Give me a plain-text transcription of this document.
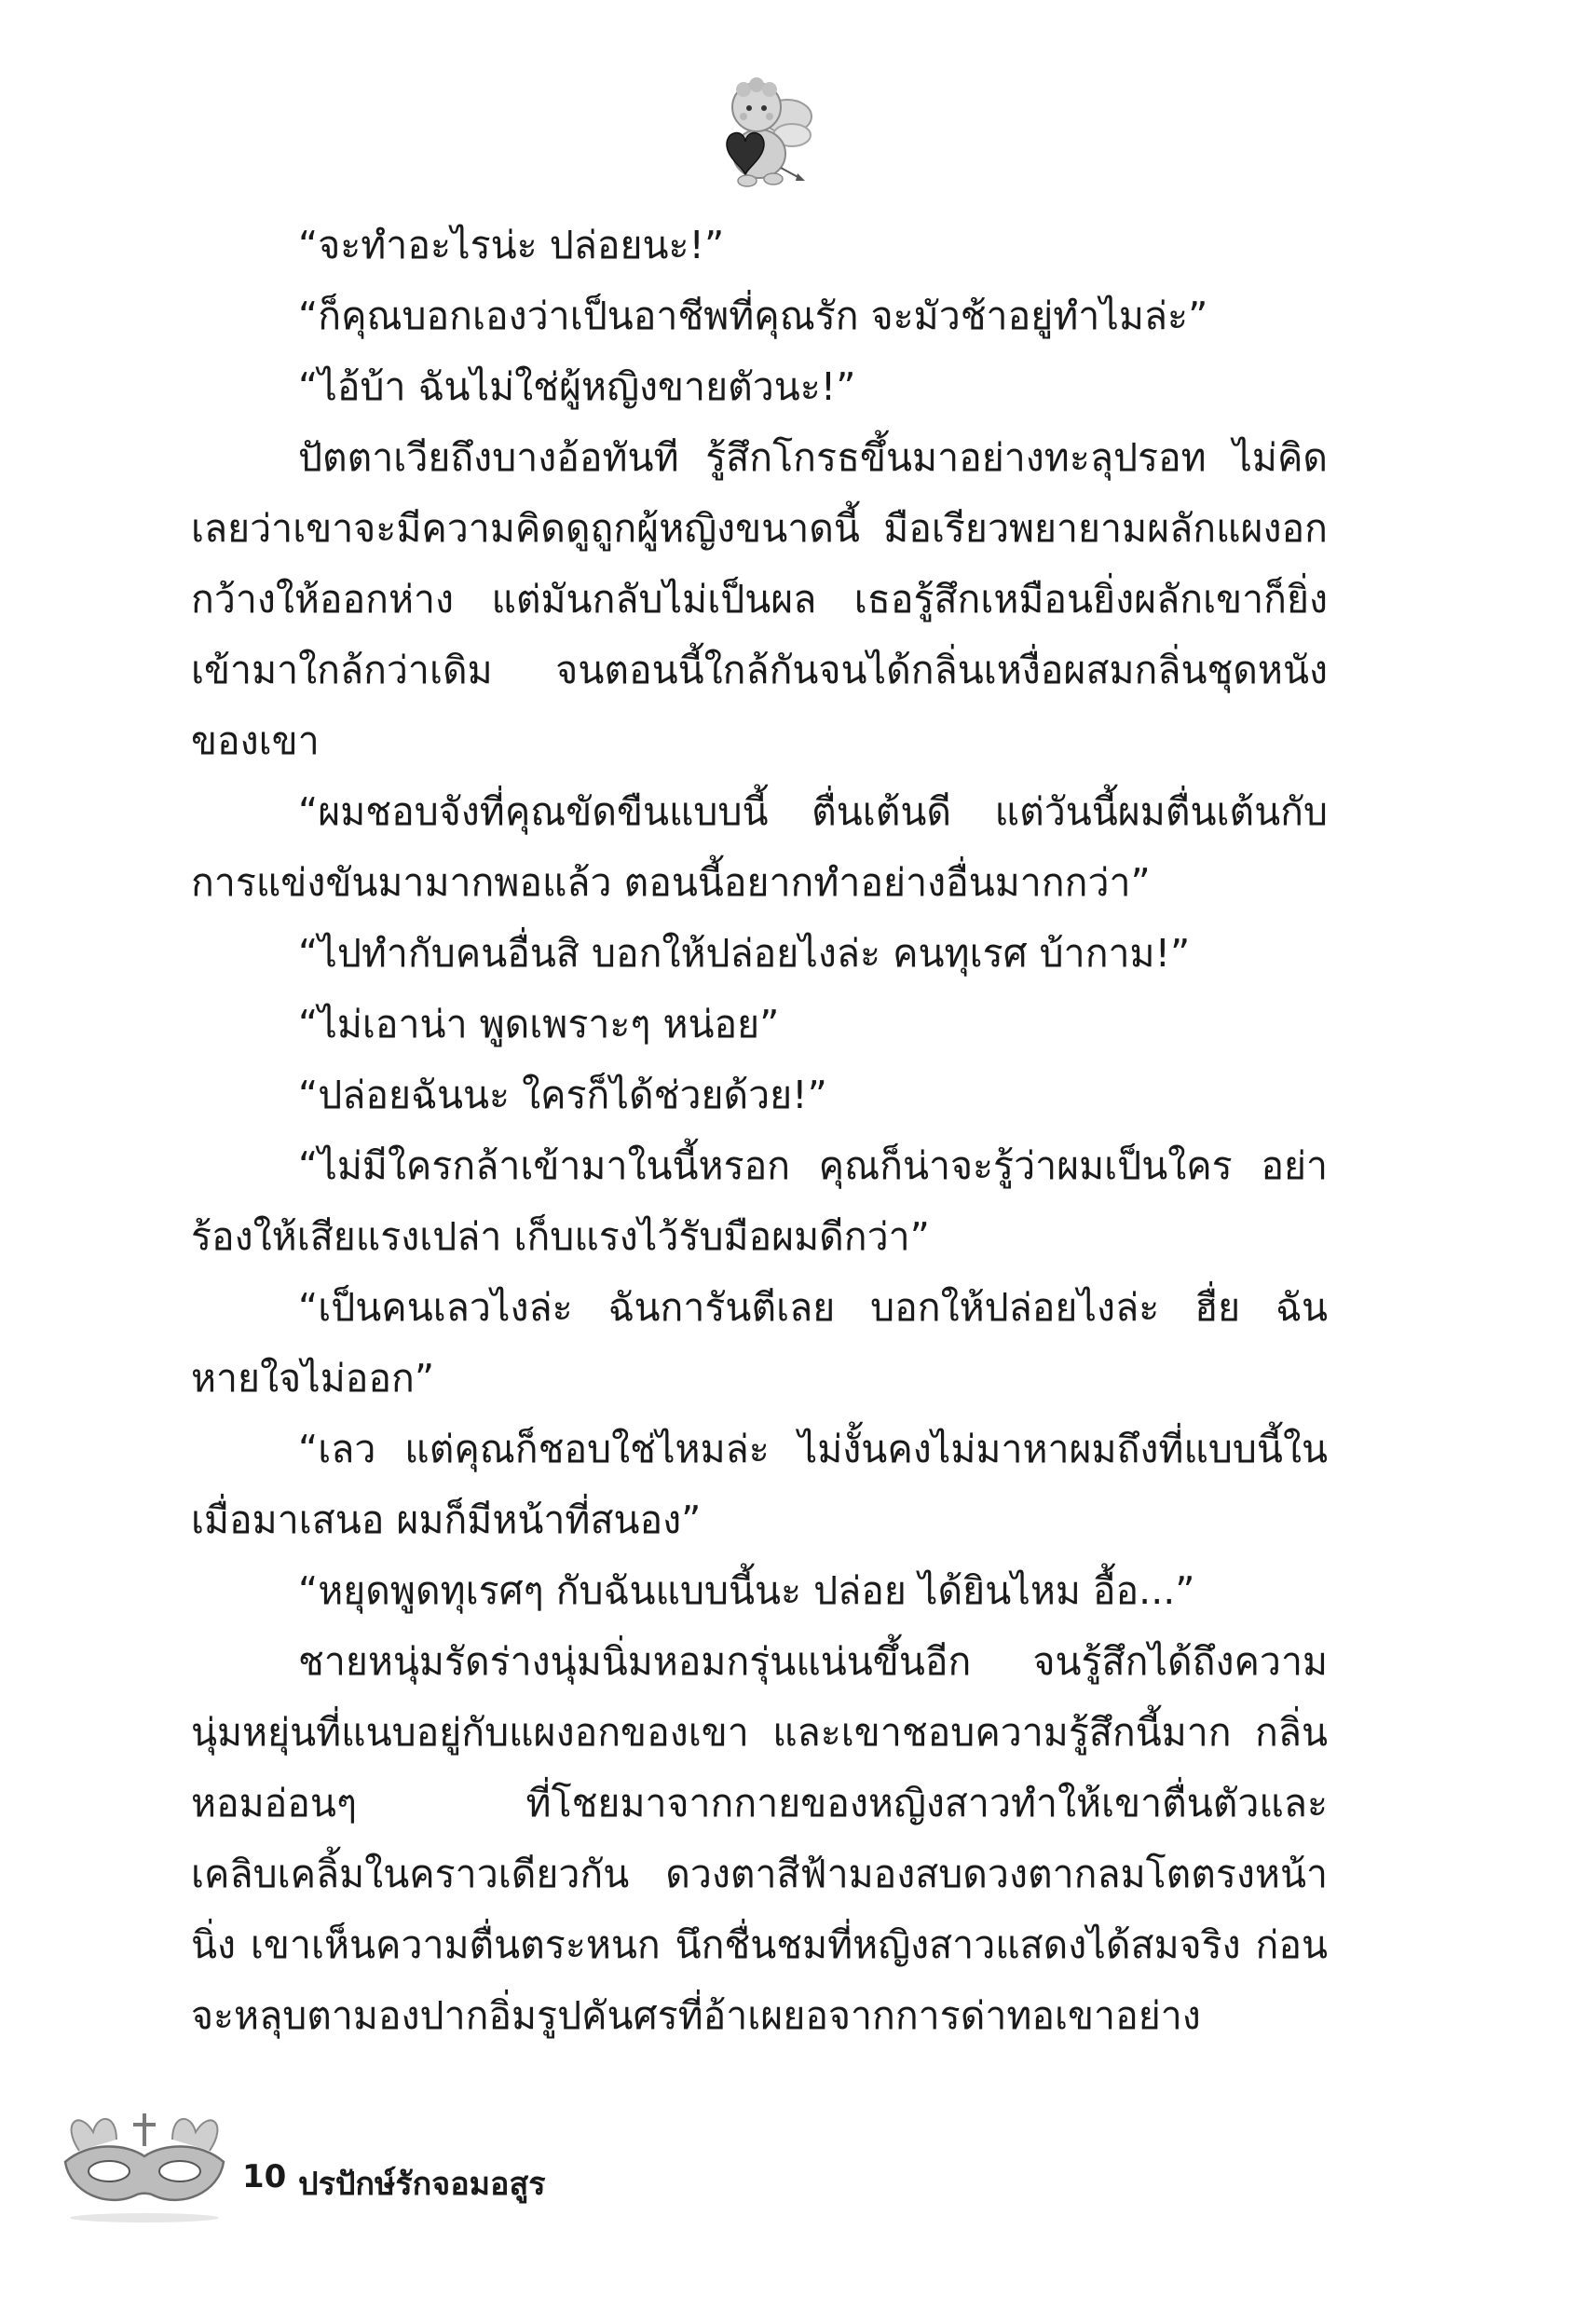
“จะทำอะไรน่ะ ปล่อยนะ!”

“ก็คุณบอกเองว่าเป็นอาชีพที่คุณรัก จะมัวช้าอยู่ทำไมล่ะ”

“ไอ้บ้า ฉันไม่ใช่ผู้หญิงขายตัวนะ!”

ปัตตาเวียถึงบางอ้อทันที รู้สึกโกรธขึ้นมาอย่างทะลุปรอท ไม่คิดเลยว่าเขาจะมีความคิดดูถูกผู้หญิงขนาดนี้ มือเรียวพยายามผลักแผงอกกว้างให้ออกห่าง แต่มันกลับไม่เป็นผล เธอรู้สึกเหมือนยิ่งผลักเขาก็ยิ่งเข้ามาใกล้กว่าเดิม จนตอนนี้ใกล้กันจนได้กลิ่นเหงื่อผสมกลิ่นชุดหนังของเขา

“ผมชอบจังที่คุณขัดขืนแบบนี้ ตื่นเต้นดี แต่วันนี้ผมตื่นเต้นกับการแข่งขันมามากพอแล้ว ตอนนี้อยากทำอย่างอื่นมากกว่า”

“ไปทำกับคนอื่นสิ บอกให้ปล่อยไงล่ะ คนทุเรศ บ้ากาม!”

“ไม่เอาน่า พูดเพราะๆ หน่อย”

“ปล่อยฉันนะ ใครก็ได้ช่วยด้วย!”

“ไม่มีใครกล้าเข้ามาในนี้หรอก คุณก็น่าจะรู้ว่าผมเป็นใคร อย่าร้องให้เสียแรงเปล่า เก็บแรงไว้รับมือผมดีกว่า”

“เป็นคนเลวไงล่ะ ฉันการันตีเลย บอกให้ปล่อยไงล่ะ ฮื่ย ฉันหายใจไม่ออก”

“เลว แต่คุณก็ชอบใช่ไหมล่ะ ไม่งั้นคงไม่มาหาผมถึงที่แบบนี้ในเมื่อมาเสนอ ผมก็มีหน้าที่สนอง”

“หยุดพูดทุเรศๆ กับฉันแบบนี้นะ ปล่อย ได้ยินไหม อื้อ...”

ชายหนุ่มรัดร่างนุ่มนิ่มหอมกรุ่นแน่นขึ้นอีก จนรู้สึกได้ถึงความนุ่มหยุ่นที่แนบอยู่กับแผงอกของเขา และเขาชอบความรู้สึกนี้มาก กลิ่นหอมอ่อนๆ ที่โชยมาจากกายของหญิงสาวทำให้เขาตื่นตัวและเคลิบเคลิ้มในคราวเดียวกัน ดวงตาสีฟ้ามองสบดวงตากลมโตตรงหน้านิ่ง เขาเห็นความตื่นตระหนก นึกชื่นชมที่หญิงสาวแสดงได้สมจริง ก่อนจะหลุบตามองปากอิ่มรูปคันศรที่อ้าเผยอจากการด่าทอเขาอย่าง

10 ปรปักษ์รักจอมอสูร
